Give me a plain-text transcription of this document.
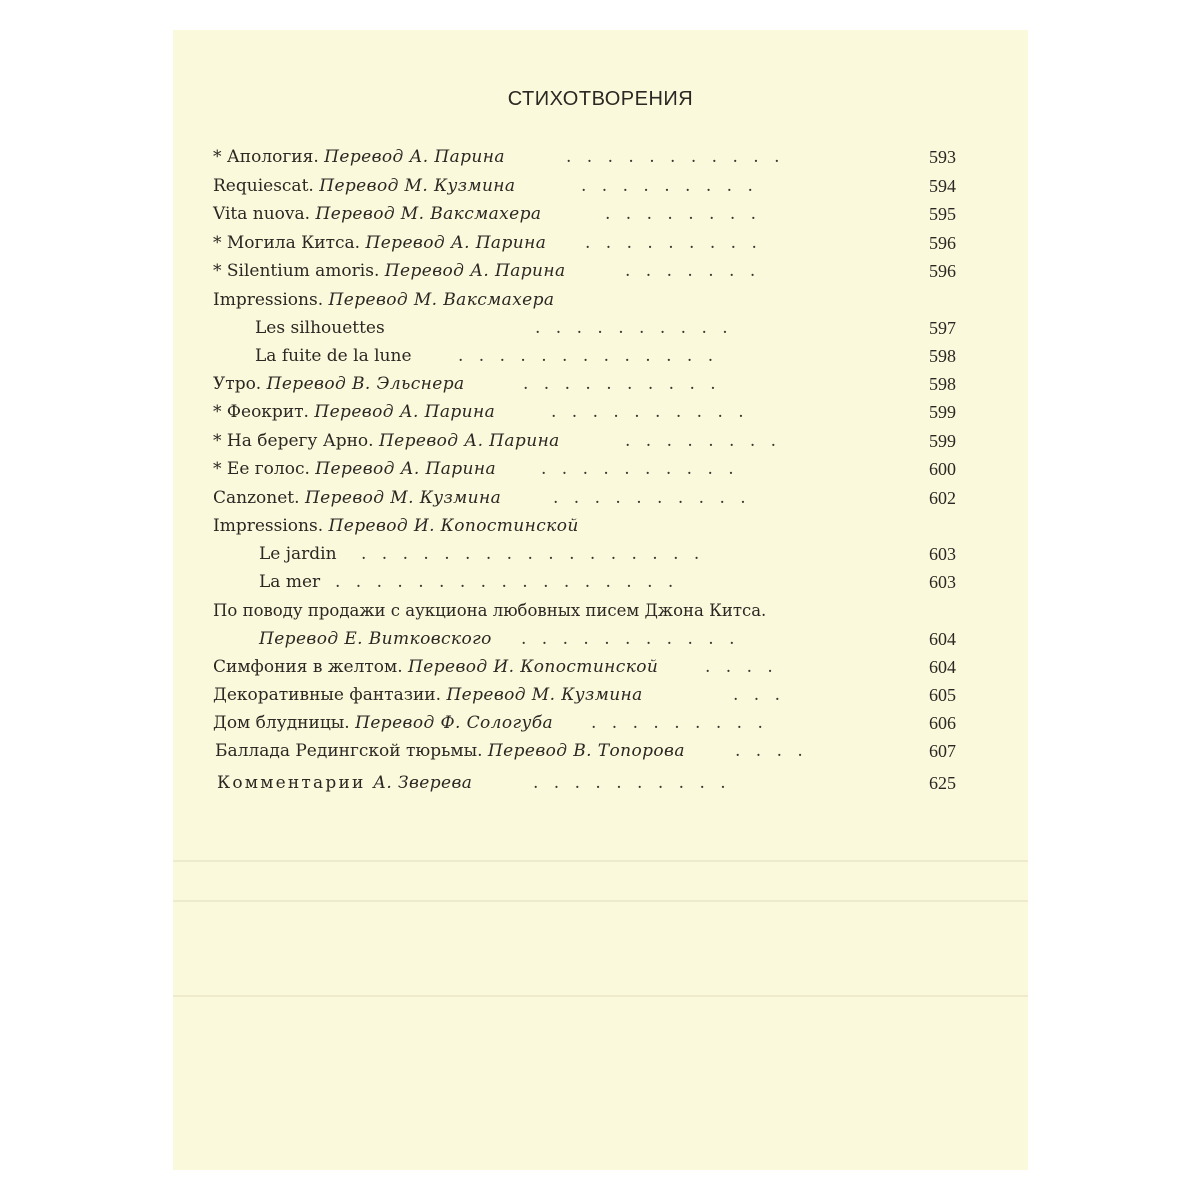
СТИХОТВОРЕНИЯ
* Апология. Перевод А. Парина	. . . . . . . . . . .	593
Requiescat. Перевод М. Кузмина	. . . . . . . . .	594
Vita nuova. Перевод М. Ваксмахера	. . . . . . . .	595
* Могила Китса. Перевод А. Парина . . . . . . . . .	596
* Silentium amoris. Перевод А. Парина	. . . . . . .	596
Impressions. Перевод М. Ваксмахера
Les silhouettes	. . . . . . . . . .	597
La fuite de la lune	. . . . . . . . . . . . .	598
Утро. Перевод В. Эльснера	. . . . . . . . . .	598
* Феокрит. Перевод А. Парина	. . . . . . . . . .	599
* На берегу Арно. Перевод А. Парина	. . . . . . . .	599
* Ее голос. Перевод А. Парина	. . . . . . . . . .	600
Canzonet. Перевод М. Кузмина	. . . . . . . . . .	602
Impressions. Перевод И. Копостинской
Le jardin . . . . . . . . . . . . . . . . .	603
La mer . . . . . . . . . . . . . . . . .	603
По поводу продажи с аукциона любовных писем Джона Китса.
Перевод Е. Витковского . . . . . . . . . . .	604
Симфония в желтом. Перевод И. Копостинской	. . . .	604
Декоративные фантазии. Перевод М. Кузмина	. . .	605
Дом блудницы. Перевод Ф. Сологуба . . . . . . . . .	606
Баллада Редингской тюрьмы. Перевод В. Топорова	. . . .	607
Комментарии А. Зверева	. . . . . . . . . .	625
